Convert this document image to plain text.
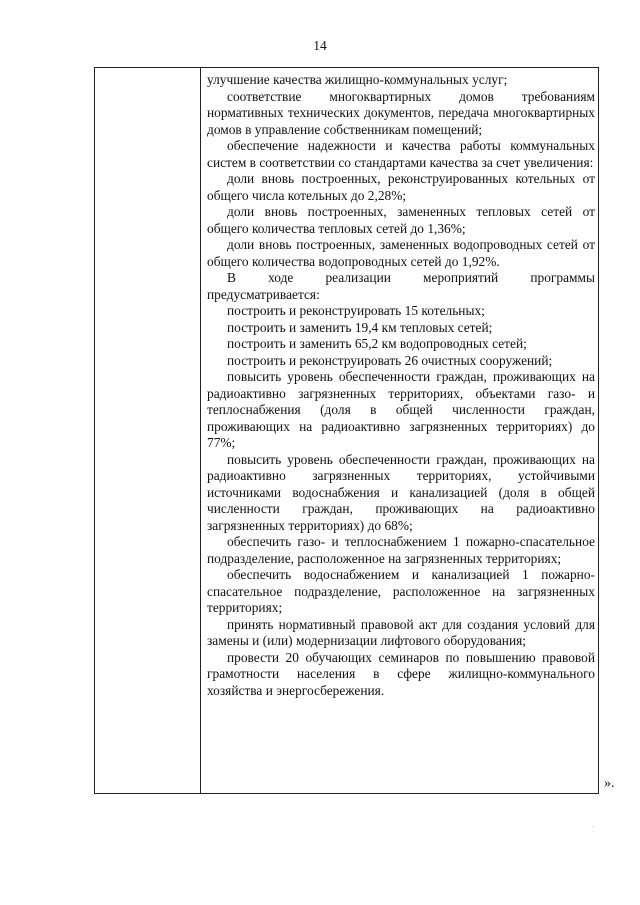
14

улучшение качества жилищно-коммунальных услуг;

соответствие многоквартирных домов требованиям нормативных технических документов, передача многоквартирных домов в управление собственникам помещений;

обеспечение надежности и качества работы коммунальных систем в соответствии со стандартами качества за счет увеличения:

доли вновь построенных, реконструированных котельных от общего числа котельных до 2,28%;

доли вновь построенных, замененных тепловых сетей от общего количества тепловых сетей до 1,36%;

доли вновь построенных, замененных водопроводных сетей от общего количества водопроводных сетей до 1,92%.

В ходе реализации мероприятий программы предусматривается:

построить и реконструировать 15 котельных;

построить и заменить 19,4 км тепловых сетей;

построить и заменить 65,2 км водопроводных сетей;

построить и реконструировать 26 очистных сооружений;

повысить уровень обеспеченности граждан, проживающих на радиоактивно загрязненных территориях, объектами газо- и теплоснабжения (доля в общей численности граждан, проживающих на радиоактивно загрязненных территориях) до 77%;

повысить уровень обеспеченности граждан, проживающих на радиоактивно загрязненных территориях, устойчивыми источниками водоснабжения и канализацией (доля в общей численности граждан, проживающих на радиоактивно загрязненных территориях) до 68%;

обеспечить газо- и теплоснабжением 1 пожарно-спасательное подразделение, расположенное на загрязненных территориях;

обеспечить водоснабжением и канализацией 1 пожарно-спасательное подразделение, расположенное на загрязненных территориях;

принять нормативный правовой акт для создания условий для замены и (или) модернизации лифтового оборудования;

провести 20 обучающих семинаров по повышению правовой грамотности населения в сфере жилищно-коммунального хозяйства и энергосбережения.

».
